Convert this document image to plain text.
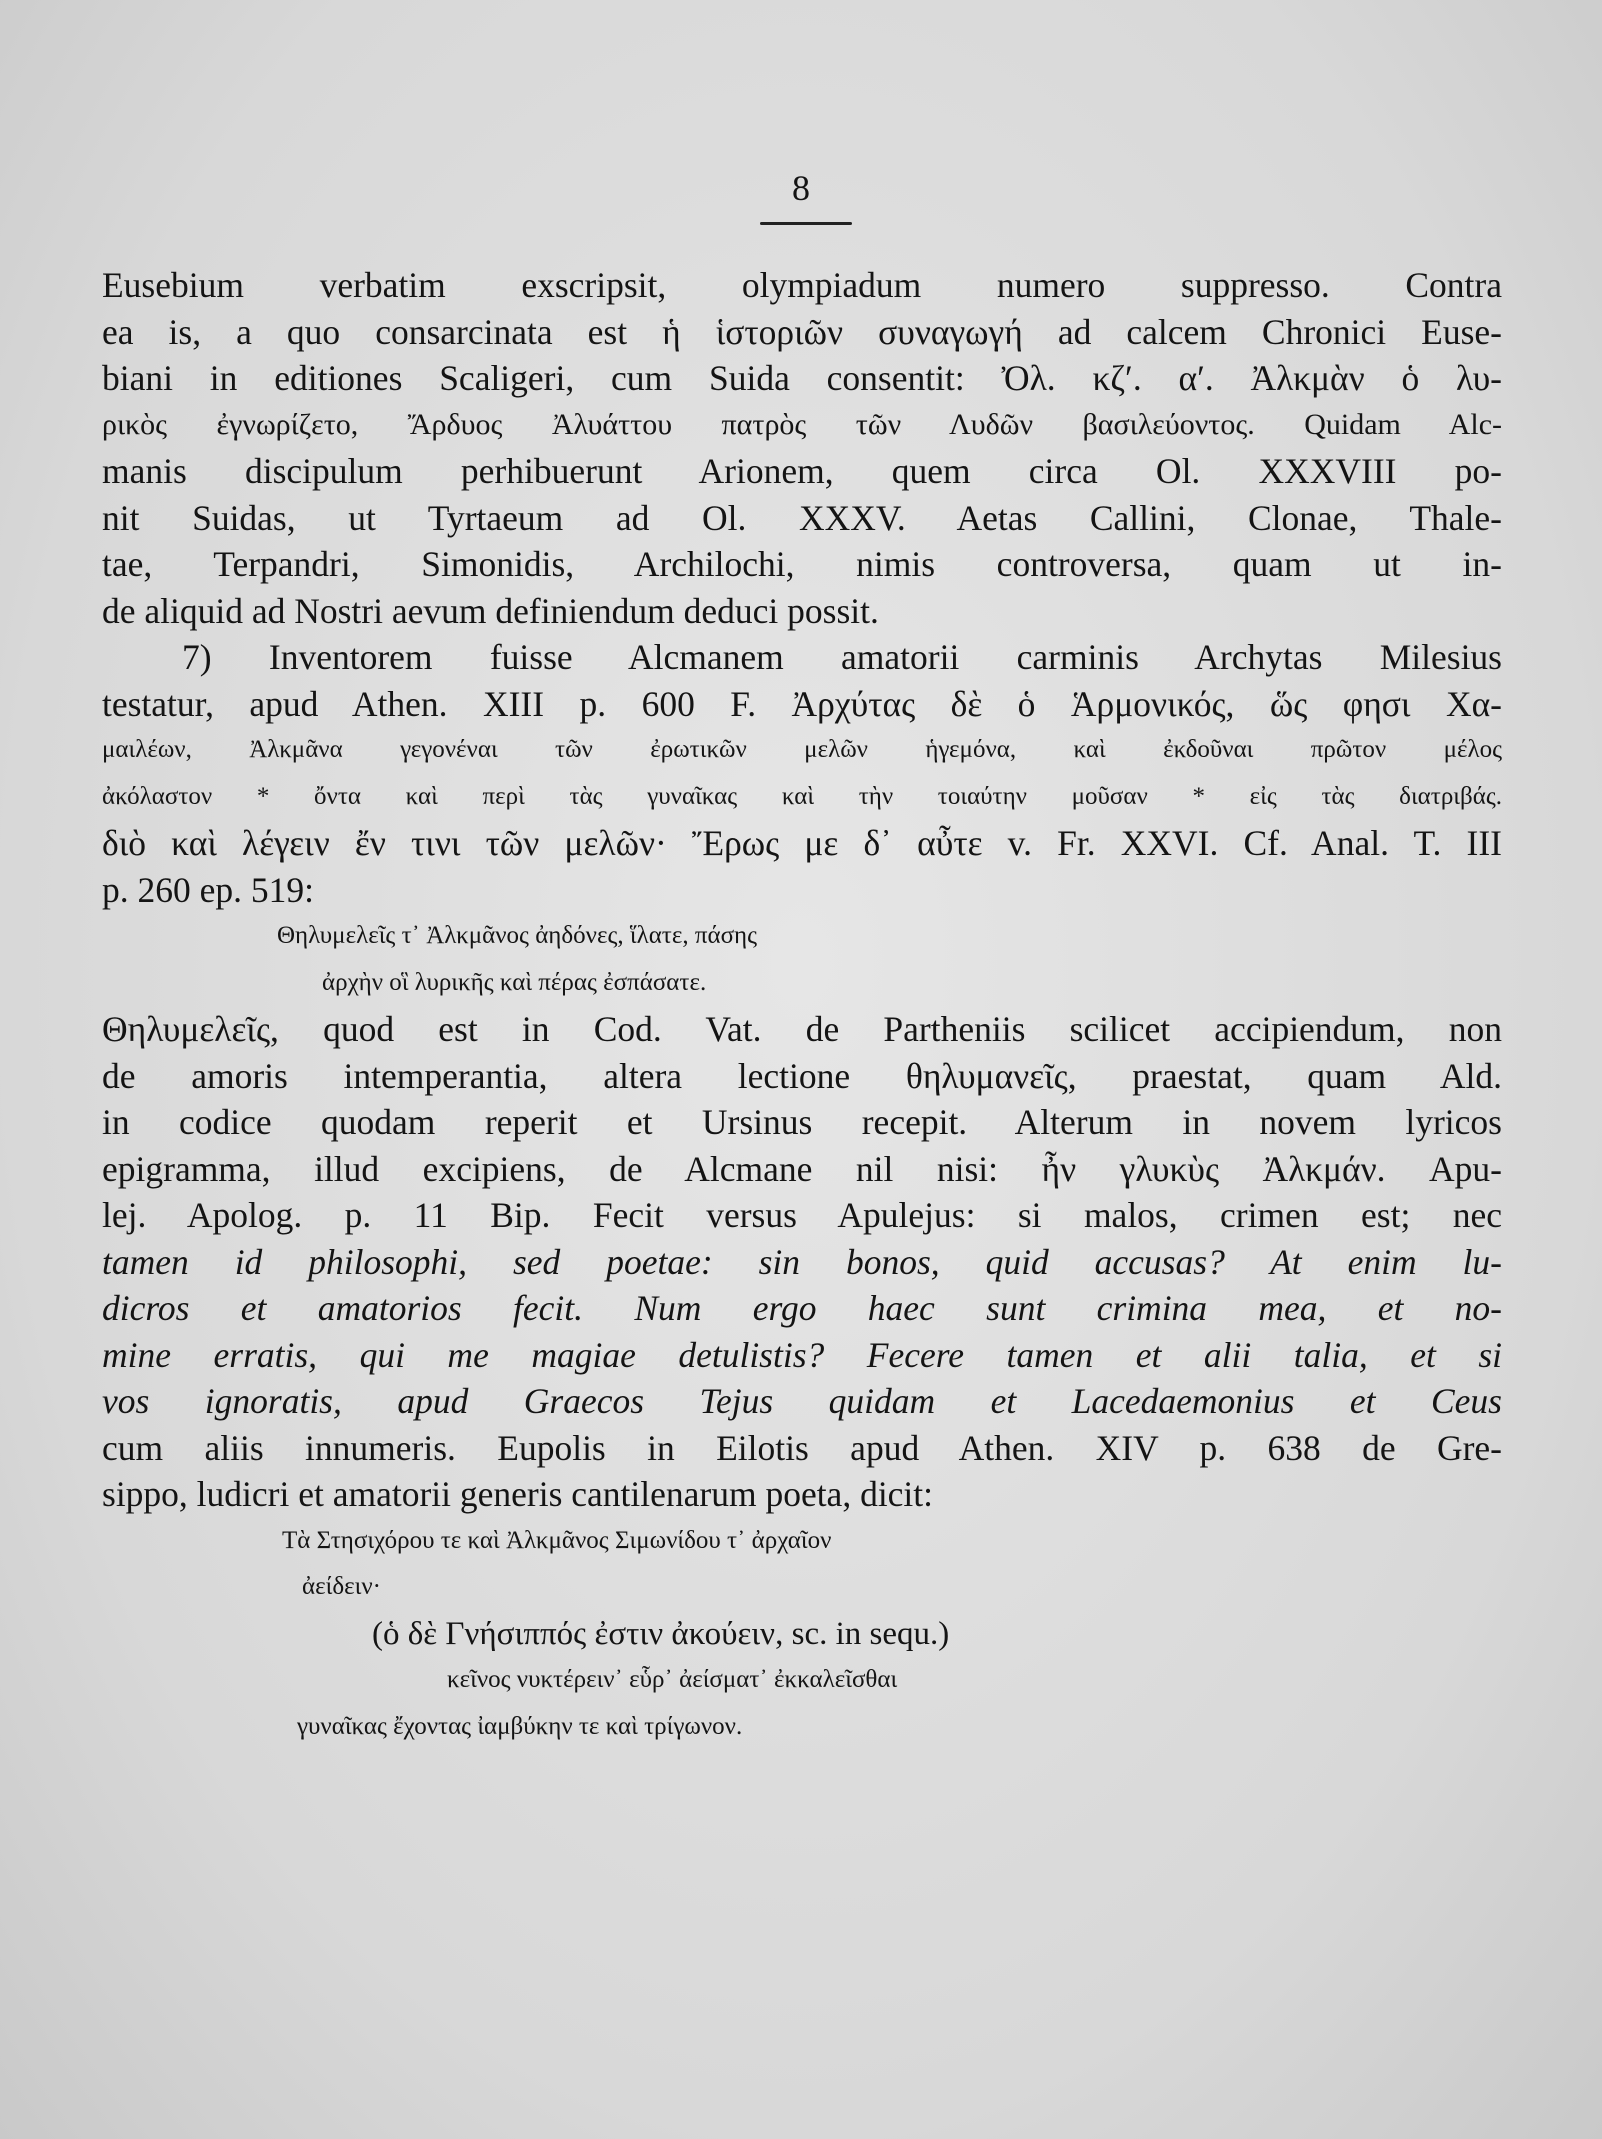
8
Eusebium verbatim exscripsit, olympiadum numero suppresso. Contra
ea is, a quo consarcinata est ἡ ἱστοριῶν συναγωγή ad calcem Chronici Euse-
biani in editiones Scaligeri, cum Suida consentit: Ὀλ. κζʹ. αʹ. Ἀλκμὰν ὁ λυ-
ρικὸς ἐγνωρίζετο, Ἄρδυος Ἀλυάττου πατρὸς τῶν Λυδῶν βασιλεύοντος. Quidam Alc-
manis discipulum perhibuerunt Arionem, quem circa Ol. XXXVIII po-
nit Suidas, ut Tyrtaeum ad Ol. XXXV. Aetas Callini, Clonae, Thale-
tae, Terpandri, Simonidis, Archilochi, nimis controversa, quam ut in-
de aliquid ad Nostri aevum definiendum deduci possit.
7) Inventorem fuisse Alcmanem amatorii carminis Archytas Milesius
testatur, apud Athen. XIII p. 600 F. Ἀρχύτας δὲ ὁ Ἁρμονικός, ὥς φησι Χα-
μαιλέων, Ἀλκμᾶνα γεγονέναι τῶν ἐρωτικῶν μελῶν ἡγεμόνα, καὶ ἐκδοῦναι πρῶτον μέλος
ἀκόλαστον * ὄντα καὶ περὶ τὰς γυναῖκας καὶ τὴν τοιαύτην μοῦσαν * εἰς τὰς διατριβάς.
διὸ καὶ λέγειν ἔν τινι τῶν μελῶν· Ἔρως με δ᾽ αὖτε v. Fr. XXVI. Cf. Anal. T. III
p. 260 ep. 519:
Θηλυμελεῖς τ᾽ Ἀλκμᾶνος ἀηδόνες, ἵλατε, πάσης
ἀρχὴν οἳ λυρικῆς καὶ πέρας ἐσπάσατε.
Θηλυμελεῖς, quod est in Cod. Vat. de Partheniis scilicet accipiendum, non
de amoris intemperantia, altera lectione θηλυμανεῖς, praestat, quam Ald.
in codice quodam reperit et Ursinus recepit. Alterum in novem lyricos
epigramma, illud excipiens, de Alcmane nil nisi: ἦν γλυκὺς Ἀλκμάν. Apu-
lej. Apolog. p. 11 Bip. Fecit versus Apulejus: si malos, crimen est; nec
tamen id philosophi, sed poetae: sin bonos, quid accusas? At enim lu-
dicros et amatorios fecit. Num ergo haec sunt crimina mea, et no-
mine erratis, qui me magiae detulistis? Fecere tamen et alii talia, et si
vos ignoratis, apud Graecos Tejus quidam et Lacedaemonius et Ceus
cum aliis innumeris. Eupolis in Eilotis apud Athen. XIV p. 638 de Gre-
sippo, ludicri et amatorii generis cantilenarum poeta, dicit:
Τὰ Στησιχόρου τε καὶ Ἀλκμᾶνος Σιμωνίδου τ᾽ ἀρχαῖον
ἀείδειν·
(ὁ δὲ Γνήσιππός ἐστιν ἀκούειν, sc. in sequ.)
κεῖνος νυκτέρειν᾽ εὗρ᾽ ἀείσματ᾽ ἐκκαλεῖσθαι
γυναῖκας ἔχοντας ἰαμβύκην τε καὶ τρίγωνον.
